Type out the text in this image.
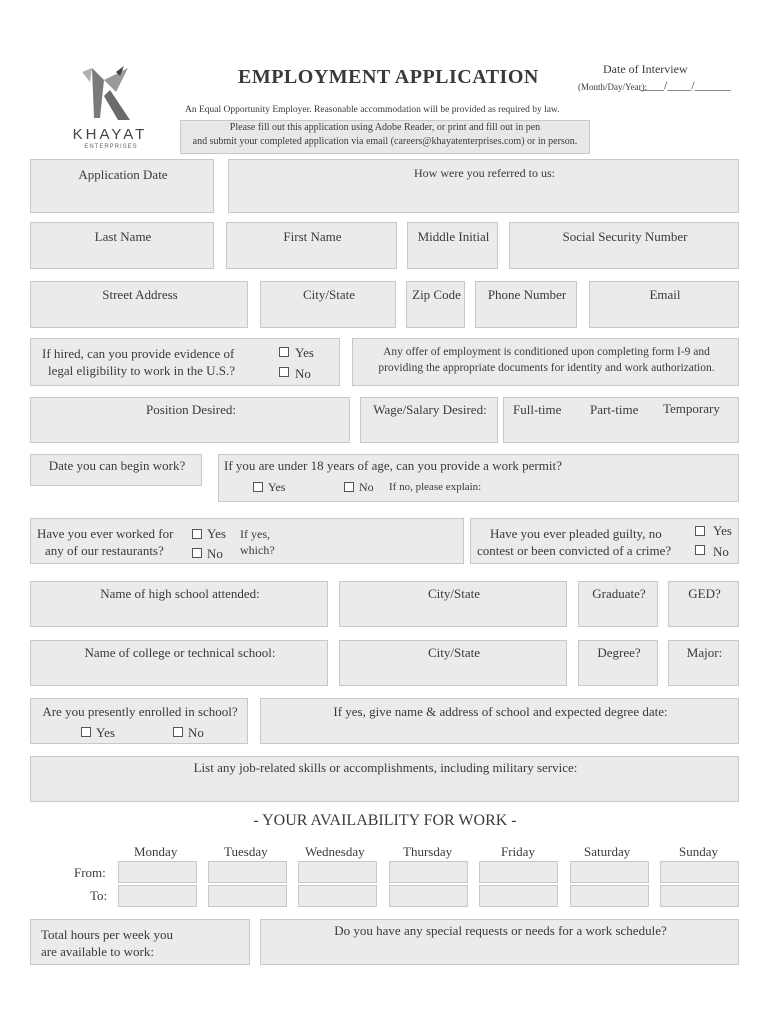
KHAYAT
ENTERPRISES
EMPLOYMENT APPLICATION	Date of Interview
(Month/Day/Year):
____/____/______
An Equal Opportunity Employer. Reasonable accommodation will be provided as required by law.
Please fill out this application using Adobe Reader, or print and fill out in pen
and submit your completed application via email (careers@khayatenterprises.com) or in person.
Application Date	How were you referred to us:
Last Name	First Name	Middle Initial	Social Security Number
Street Address	City/State	Zip Code	Phone Number	Email
If hired, can you provide evidence of
legal eligibility to work in the U.S.?
Yes
No
Any offer of employment is conditioned upon completing form I-9 and
providing the appropriate documents for identity and work authorization.
Position Desired:	Wage/Salary Desired:	Full-time Part-time Temporary
Date you can begin work?	If you are under 18 years of age, can you provide a work permit?
Yes	No If no, please explain:
Have you ever worked for
any of our restaurants?
Yes
No
If yes,
which?
Have you ever pleaded guilty, no
contest or been convicted of a crime?
Yes
No
Name of high school attended:	City/State	Graduate?	GED?
Name of college or technical school:	City/State	Degree?	Major:
Are you presently enrolled in school?
Yes	No
If yes, give name & address of school and expected degree date:
List any job-related skills or accomplishments, including military service:
- YOUR AVAILABILITY FOR WORK -
Monday	Tuesday	Wednesday	Thursday	Friday	Saturday	Sunday
From:
To:
Total hours per week you
are available to work:
Do you have any special requests or needs for a work schedule?
